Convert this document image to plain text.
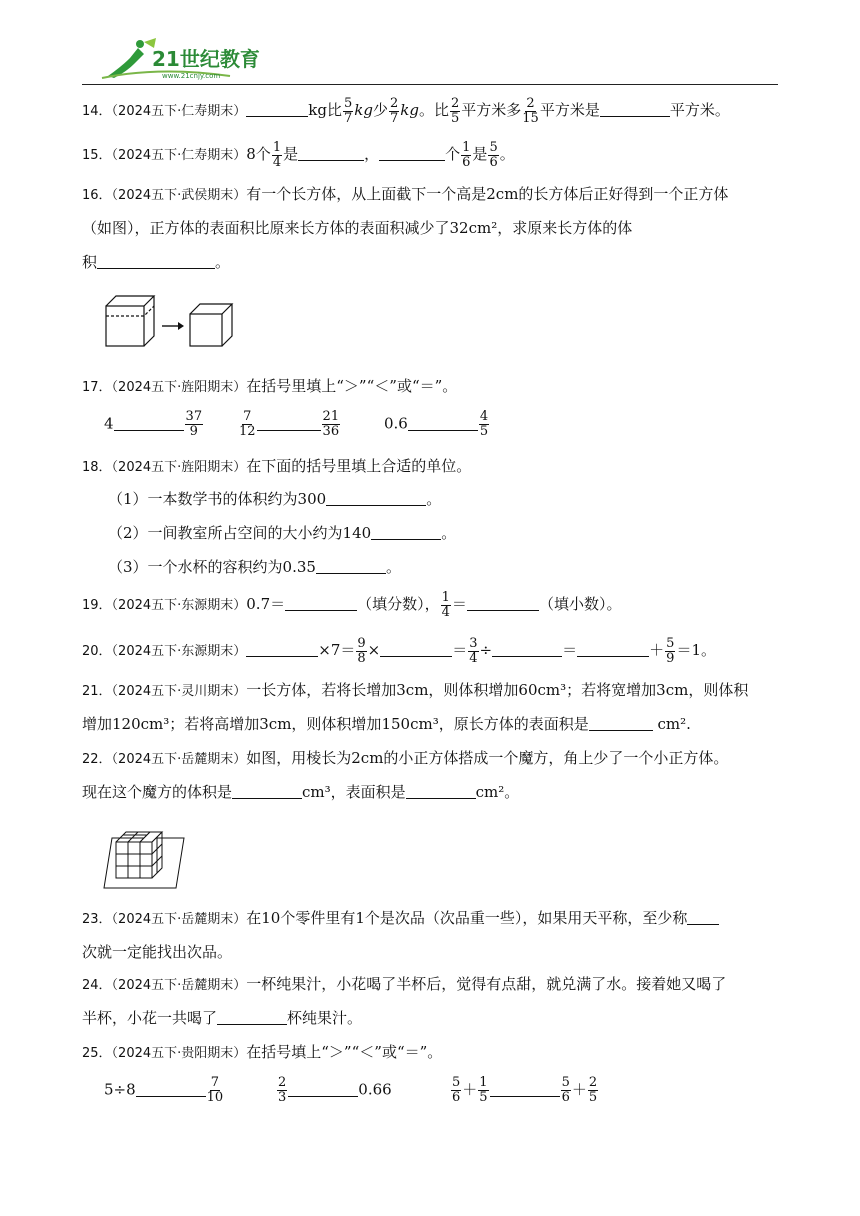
21世纪教育
www.21cnjy.com
14．（2024五下·仁寿期末）	kg比 $\frac{5}{7}$ kg少 $\frac{2}{7}$ kg。比 $\frac{2}{5}$ 平方米多 $\frac{2}{15}$ 平方米是	平方米。
15．（2024五下·仁寿期末）8个 $\frac{1}{4}$ 是	，	个 $\frac{1}{6}$ 是 $\frac{5}{6}$ 。
16．（2024五下·武侯期末）有一个长方体，从上面截下一个高是2cm的长方体后正好得到一个正方体
（如图），正方体的表面积比原来长方体的表面积减少了32cm²，求原来长方体的体
积	。
17．（2024五下·旌阳期末）在括号里填上“＞”“＜”或“＝”。
4	$\frac{37}{9}$	$\frac{7}{12}$	$\frac{21}{36}$	0.6	$\frac{4}{5}$
18．（2024五下·旌阳期末）在下面的括号里填上合适的单位。
（1）一本数学书的体积约为300	。
（2）一间教室所占空间的大小约为140	。
（3）一个水杯的容积约为0.35	。
19．（2024五下·东源期末）0.7＝	（填分数）， $\frac{1}{4}$ ＝	（填小数）。
20．（2024五下·东源期末）	$\times 7= \frac{9}{8}$ ×	＝ $\frac{3}{4}$ ÷	＝	＋ $\frac{5}{9} =1$。
21．（2024五下·灵川期末）一长方体，若将长增加3cm，则体积增加60cm³；若将宽增加3cm，则体积
增加120cm³；若将高增加3cm，则体积增加150cm³，原长方体的表面积是	cm².
22．（2024五下·岳麓期末）如图，用棱长为2cm的小正方体搭成一个魔方，角上少了一个小正方体。
现在这个魔方的体积是	cm³，表面积是	cm²。
23．（2024五下·岳麓期末）在10个零件里有1个是次品（次品重一些），如果用天平称，至少称
次就一定能找出次品。
24．（2024五下·岳麓期末）一杯纯果汁，小花喝了半杯后，觉得有点甜，就兑满了水。接着她又喝了
半杯，小花一共喝了	杯纯果汁。
25．（2024五下·贵阳期末）在括号填上“＞”“＜”或“＝”。
5÷8	$\frac{7}{10}$	$\frac{2}{3}$	0.66	$\frac{5}{6} + \frac{1}{5}$	$\frac{5}{6} + \frac{2}{5}$
